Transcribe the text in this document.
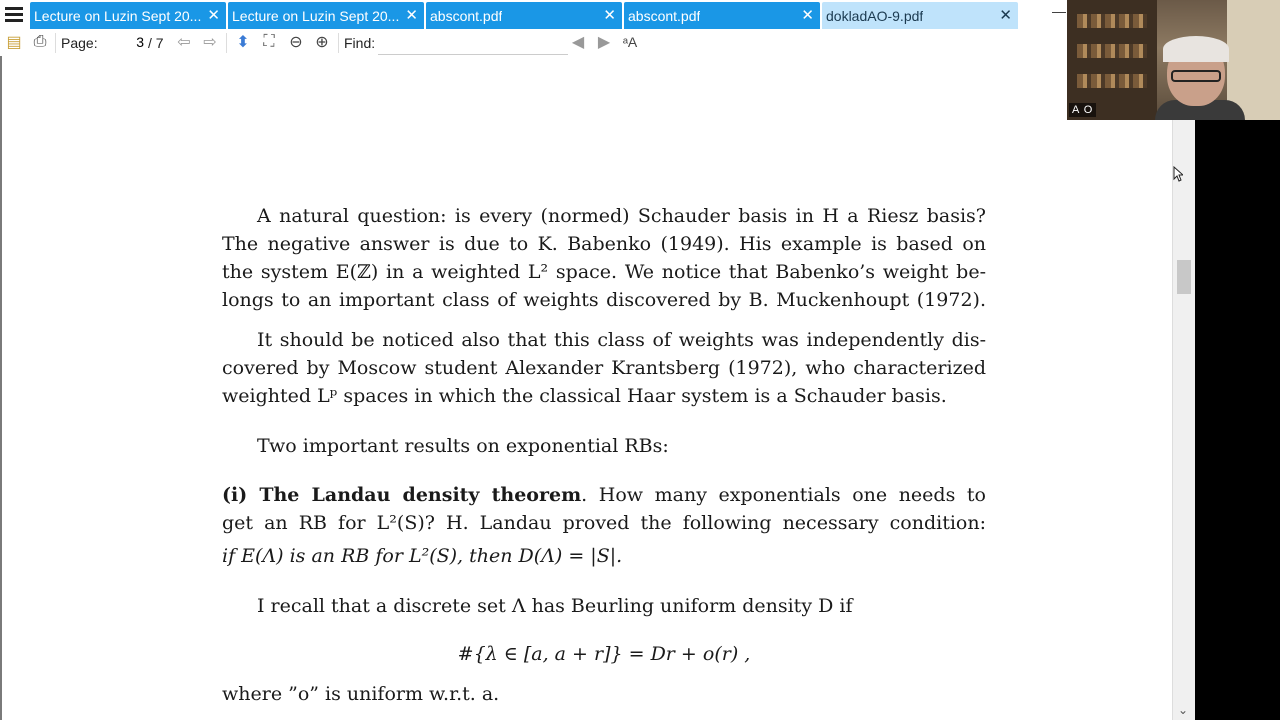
Lecture on Luzin Sept 20... ✕ Lecture on Luzin Sept 20... ✕ abscont.pdf	✕ abscont.pdf	✕ dokladAO-9.pdf	✕	—
▤ ⎙ Page:
3	/ 7 ⇦ ⇨ ⬍ ⛶ ⊖ ⊕ Find:	◀ ▶ ᵃA
A natural question: is every (normed) Schauder basis in H a Riesz basis?
The negative answer is due to K. Babenko (1949). His example is based on
the system E(ℤ) in a weighted L² space. We notice that Babenko’s weight be-
longs to an important class of weights discovered by B. Muckenhoupt (1972).
It should be noticed also that this class of weights was independently dis-
covered by Moscow student Alexander Krantsberg (1972), who characterized
weighted Lᵖ spaces in which the classical Haar system is a Schauder basis.
Two important results on exponential RBs:
(i) The Landau density theorem. How many exponentials one needs to
get an RB for L²(S)? H. Landau proved the following necessary condition:
if E(Λ) is an RB for L²(S), then D(Λ) = |S|.
I recall that a discrete set Λ has Beurling uniform density D if
#{λ ∈ [a, a + r]} = Dr + o(r) ,
where ”o” is uniform w.r.t. a.
⌄
A O
